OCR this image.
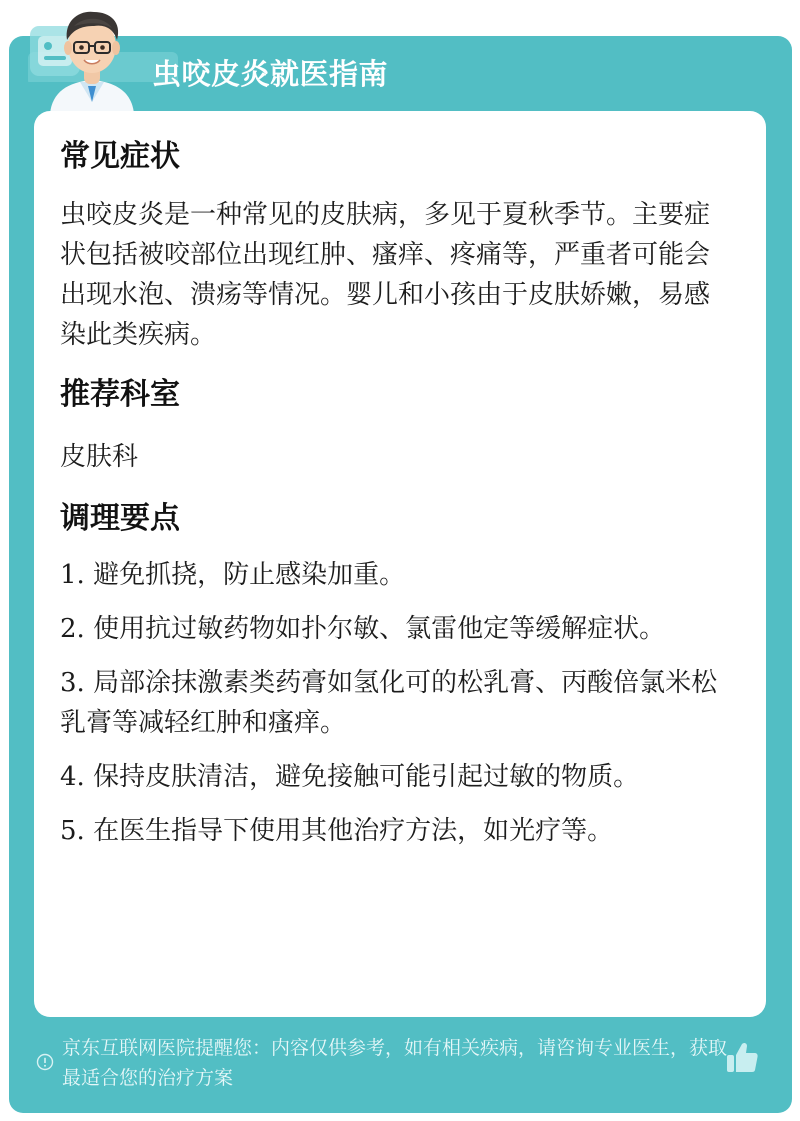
虫咬皮炎就医指南
常见症状

虫咬皮炎是一种常见的皮肤病，多见于夏秋季节。主要症状包括被咬部位出现红肿、瘙痒、疼痛等，严重者可能会出现水泡、溃疡等情况。婴儿和小孩由于皮肤娇嫩，易感染此类疾病。

推荐科室

皮肤科

调理要点
1. 避免抓挠，防止感染加重。
2. 使用抗过敏药物如扑尔敏、氯雷他定等缓解症状。
3. 局部涂抹激素类药膏如氢化可的松乳膏、丙酸倍氯米松乳膏等减轻红肿和瘙痒。
4. 保持皮肤清洁，避免接触可能引起过敏的物质。
5. 在医生指导下使用其他治疗方法，如光疗等。
京东互联网医院提醒您：内容仅供参考，如有相关疾病，请咨询专业医生，获取最适合您的治疗方案
